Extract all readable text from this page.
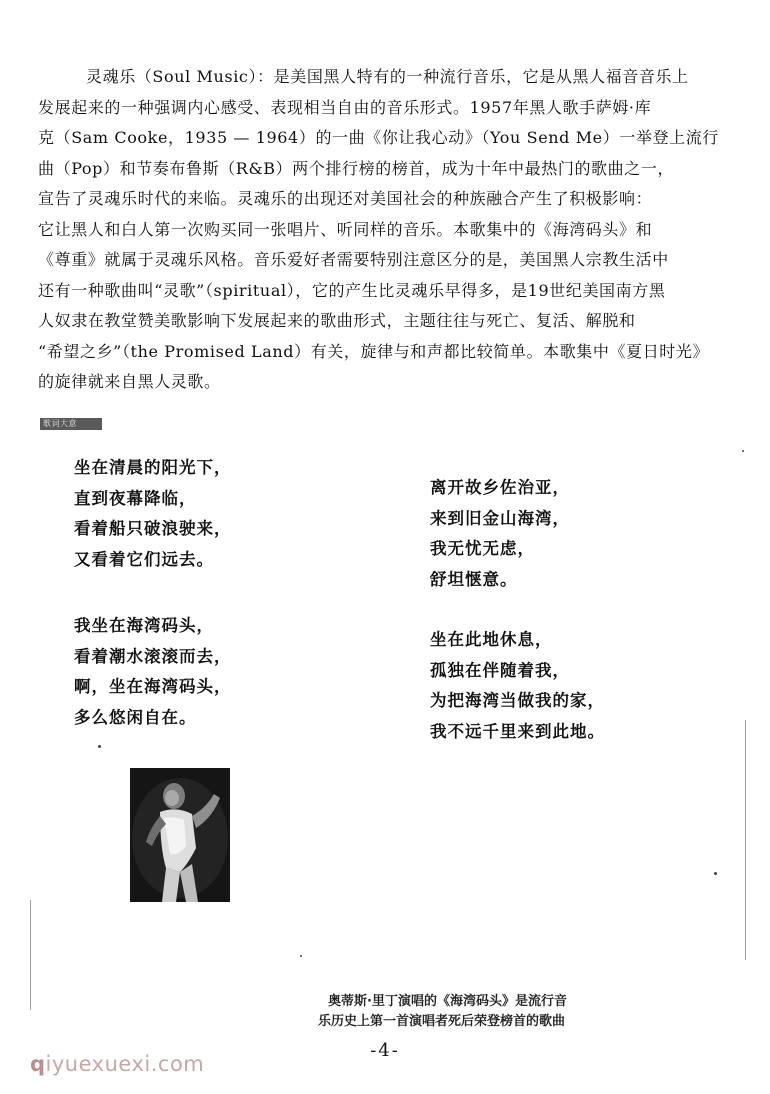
灵魂乐（Soul Music）：是美国黑人特有的一种流行音乐，它是从黑人福音音乐上
发展起来的一种强调内心感受、表现相当自由的音乐形式。1957年黑人歌手萨姆·库
克（Sam Cooke，1935 — 1964）的一曲《你让我心动》（You Send Me）一举登上流行
曲（Pop）和节奏布鲁斯（R&B）两个排行榜的榜首，成为十年中最热门的歌曲之一，
宣告了灵魂乐时代的来临。灵魂乐的出现还对美国社会的种族融合产生了积极影响：
它让黑人和白人第一次购买同一张唱片、听同样的音乐。本歌集中的《海湾码头》和
《尊重》就属于灵魂乐风格。音乐爱好者需要特别注意区分的是，美国黑人宗教生活中
还有一种歌曲叫“灵歌”（spiritual），它的产生比灵魂乐早得多，是19世纪美国南方黑
人奴隶在教堂赞美歌影响下发展起来的歌曲形式，主题往往与死亡、复活、解脱和
“希望之乡”（the Promised Land）有关，旋律与和声都比较简单。本歌集中《夏日时光》
的旋律就来自黑人灵歌。
歌词大意
坐在清晨的阳光下，
直到夜幕降临，
看着船只破浪驶来，
又看着它们远去。
我坐在海湾码头，
看着潮水滚滚而去，
啊，坐在海湾码头，
多么悠闲自在。
离开故乡佐治亚，
来到旧金山海湾，
我无忧无虑，
舒坦惬意。
坐在此地休息，
孤独在伴随着我，
为把海湾当做我的家，
我不远千里来到此地。
奥蒂斯·里丁演唱的《海湾码头》是流行音
乐历史上第一首演唱者死后荣登榜首的歌曲
-4-
qiyuexuexi.com
